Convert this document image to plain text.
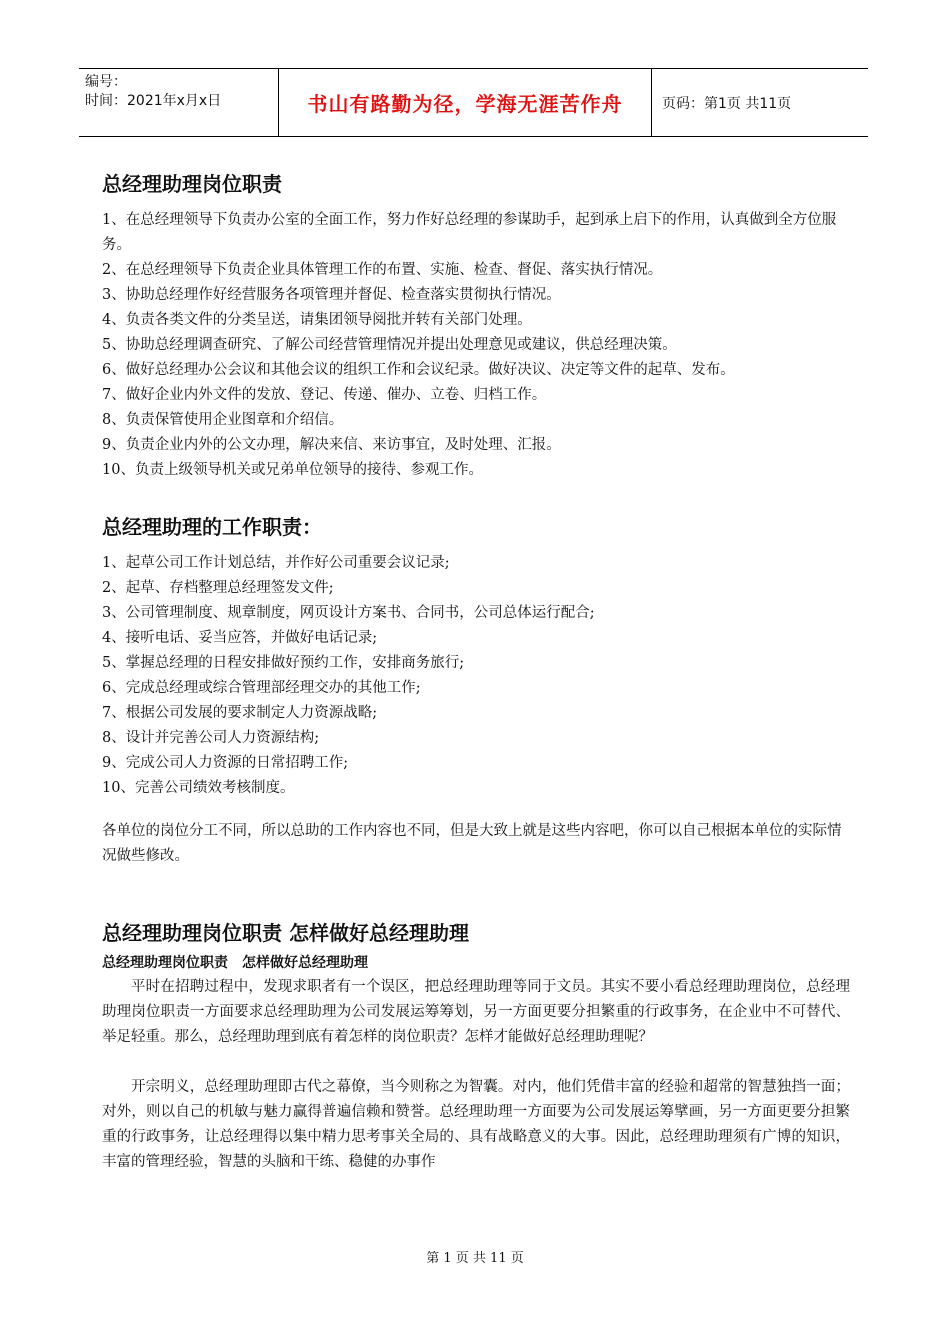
编号：
时间：2021年x月x日	书山有路勤为径，学海无涯苦作舟	页码：第1页 共11页
总经理助理岗位职责
1、在总经理领导下负责办公室的全面工作，努力作好总经理的参谋助手，起到承上启下的作用，认真做到全方位服务。
2、在总经理领导下负责企业具体管理工作的布置、实施、检查、督促、落实执行情况。
3、协助总经理作好经营服务各项管理并督促、检查落实贯彻执行情况。
4、负责各类文件的分类呈送，请集团领导阅批并转有关部门处理。
5、协助总经理调查研究、了解公司经营管理情况并提出处理意见或建议，供总经理决策。
6、做好总经理办公会议和其他会议的组织工作和会议纪录。做好决议、决定等文件的起草、发布。
7、做好企业内外文件的发放、登记、传递、催办、立卷、归档工作。
8、负责保管使用企业图章和介绍信。
9、负责企业内外的公文办理，解决来信、来访事宜，及时处理、汇报。
10、负责上级领导机关或兄弟单位领导的接待、参观工作。
总经理助理的工作职责：
1、起草公司工作计划总结，并作好公司重要会议记录;
2、起草、存档整理总经理签发文件;
3、公司管理制度、规章制度，网页设计方案书、合同书，公司总体运行配合;
4、接听电话、妥当应答，并做好电话记录;
5、掌握总经理的日程安排做好预约工作，安排商务旅行;
6、完成总经理或综合管理部经理交办的其他工作;
7、根据公司发展的要求制定人力资源战略;
8、设计并完善公司人力资源结构;
9、完成公司人力资源的日常招聘工作;
10、完善公司绩效考核制度。
各单位的岗位分工不同，所以总助的工作内容也不同，但是大致上就是这些内容吧，你可以自己根据本单位的实际情况做些修改。
总经理助理岗位职责 怎样做好总经理助理
总经理助理岗位职责　怎样做好总经理助理

平时在招聘过程中，发现求职者有一个误区，把总经理助理等同于文员。其实不要小看总经理助理岗位，总经理助理岗位职责一方面要求总经理助理为公司发展运筹筹划，另一方面更要分担繁重的行政事务，在企业中不可替代、举足轻重。那么，总经理助理到底有着怎样的岗位职责？怎样才能做好总经理助理呢？

开宗明义，总经理助理即古代之幕僚，当今则称之为智囊。对内，他们凭借丰富的经验和超常的智慧独挡一面；对外，则以自己的机敏与魅力赢得普遍信赖和赞誉。总经理助理一方面要为公司发展运筹擘画，另一方面更要分担繁重的行政事务，让总经理得以集中精力思考事关全局的、具有战略意义的大事。因此，总经理助理须有广博的知识，丰富的管理经验，智慧的头脑和干练、稳健的办事作

第 1 页 共 11 页
